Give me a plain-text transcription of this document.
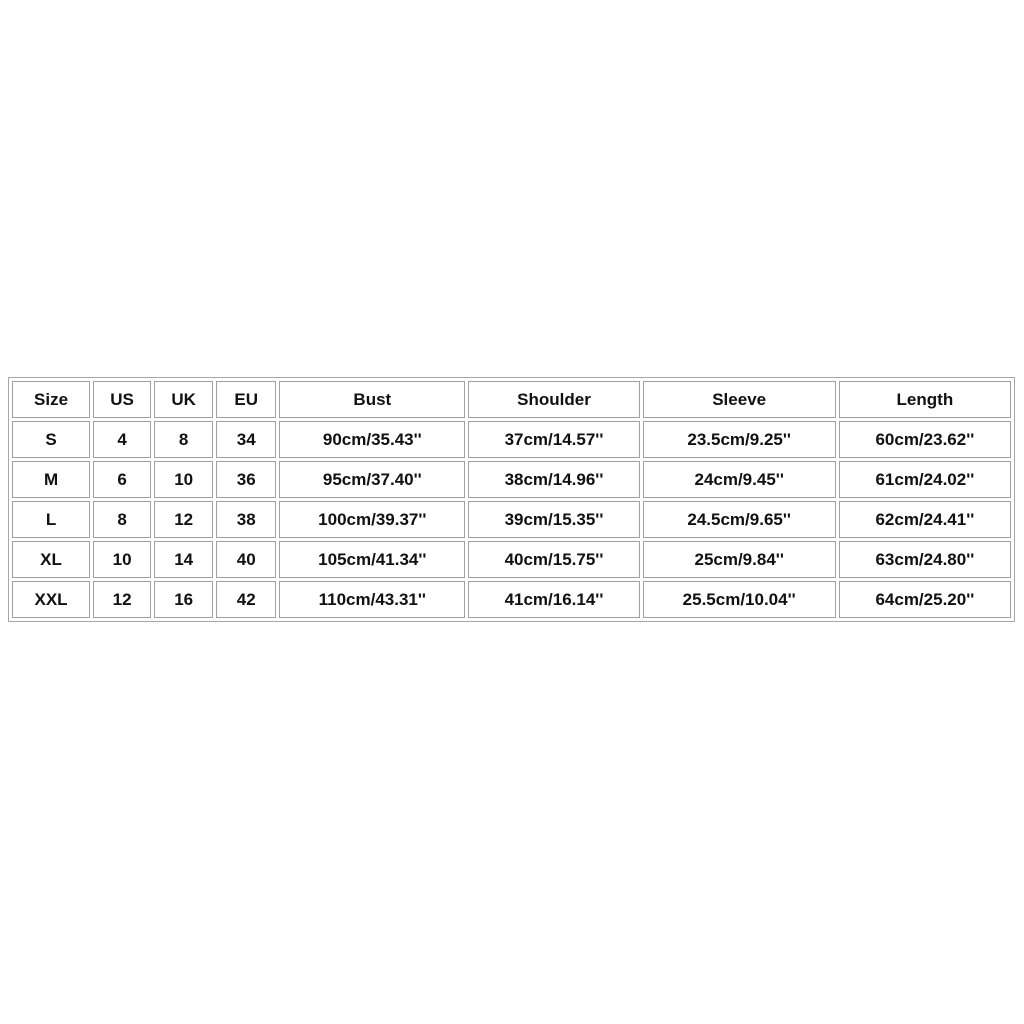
Size	US	UK	EU	Bust	Shoulder	Sleeve	Length
S	4	8	34	90cm/35.43''	37cm/14.57''	23.5cm/9.25''	60cm/23.62''
M	6	10	36	95cm/37.40''	38cm/14.96''	24cm/9.45''	61cm/24.02''
L	8	12	38	100cm/39.37''	39cm/15.35''	24.5cm/9.65''	62cm/24.41''
XL	10	14	40	105cm/41.34''	40cm/15.75''	25cm/9.84''	63cm/24.80''
XXL	12	16	42	110cm/43.31''	41cm/16.14''	25.5cm/10.04''	64cm/25.20''
